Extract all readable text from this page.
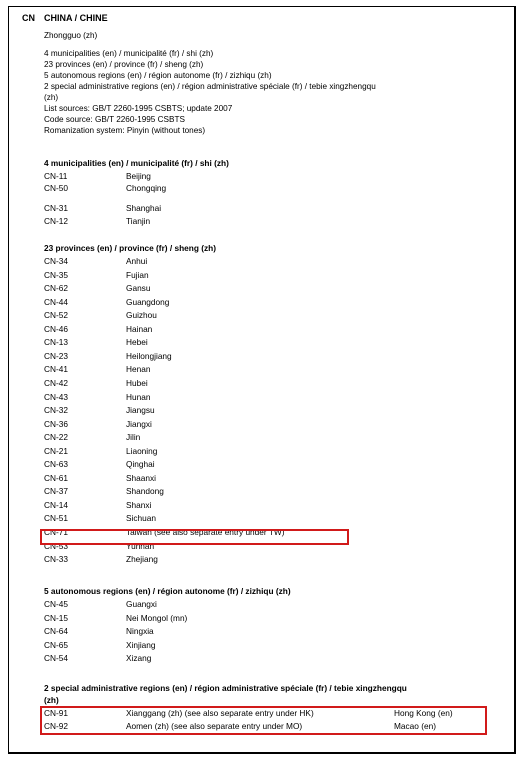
CN CHINA / CHINE
Zhongguo (zh)
4 municipalities (en) / municipalité (fr) / shi (zh)
23 provinces (en) / province (fr) / sheng (zh)
5 autonomous regions (en) / région autonome (fr) / zizhiqu (zh)
2 special administrative regions (en) / région administrative spéciale (fr) / tebie xingzhengqu
(zh)
List sources: GB/T 2260-1995 CSBTS; update 2007
Code source: GB/T 2260-1995 CSBTS
Romanization system: Pinyin (without tones)
4 municipalities (en) / municipalité (fr) / shi (zh)
CN-11	Beijing
CN-50	Chongqing
CN-31	Shanghai
CN-12	Tianjin
23 provinces (en) / province (fr) / sheng (zh)
CN-34	Anhui
CN-35	Fujian
CN-62	Gansu
CN-44	Guangdong
CN-52	Guizhou
CN-46	Hainan
CN-13	Hebei
CN-23	Heilongjiang
CN-41	Henan
CN-42	Hubei
CN-43	Hunan
CN-32	Jiangsu
CN-36	Jiangxi
CN-22	Jilin
CN-21	Liaoning
CN-63	Qinghai
CN-61	Shaanxi
CN-37	Shandong
CN-14	Shanxi
CN-51	Sichuan
CN-71	Taiwan (see also separate entry under TW)
CN-53	Yunnan
CN-33	Zhejiang
5 autonomous regions (en) / région autonome (fr) / zizhiqu (zh)
CN-45	Guangxi
CN-15	Nei Mongol (mn)
CN-64	Ningxia
CN-65	Xinjiang
CN-54	Xizang
2 special administrative regions (en) / région administrative spéciale (fr) / tebie xingzhengqu
(zh)
CN-91	Xianggang (zh) (see also separate entry under HK)	Hong Kong (en)
CN-92	Aomen (zh) (see also separate entry under MO)	Macao (en)
